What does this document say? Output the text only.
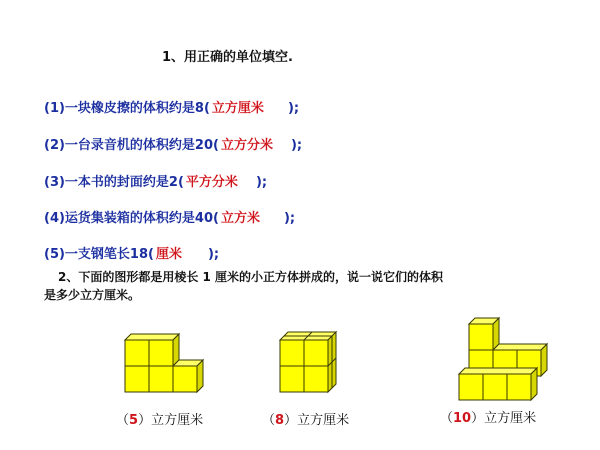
1、用正确的单位填空.
(1)一块橡皮擦的体积约是8( 立方厘米 );
(2)一台录音机的体积约是20( 立方分米 );
(3)一本书的封面约是2( 平方分米 );
(4)运货集装箱的体积约是40( 立方米 );
(5)一支钢笔长18( 厘米 );
2、下面的图形都是用棱长 1 厘米的小正方体拼成的，说一说它们的体积
是多少立方厘米。
（5）立方厘米	（8）立方厘米	（10）立方厘米
